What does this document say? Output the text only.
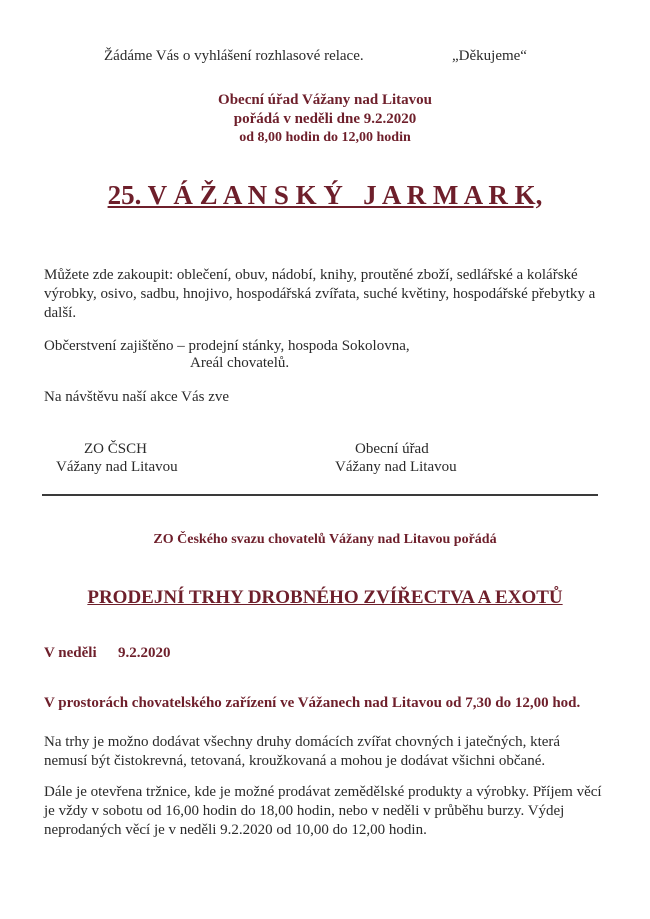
Žádáme Vás o vyhlášení rozhlasové relace.	„Děkujeme“
Obecní úřad Vážany nad Litavou
pořádá v neděli dne 9.2.2020
od 8,00 hodin do 12,00 hodin
25. V Á Ž A N S K Ý   J A R M A R K,
Můžete zde zakoupit: oblečení, obuv, nádobí, knihy, proutěné zboží, sedlářské a kolářské výrobky, osivo, sadbu, hnojivo, hospodářská zvířata, suché květiny, hospodářské přebytky a další.
Občerstvení zajištěno – prodejní stánky, hospoda Sokolovna,
Areál chovatelů.
Na návštěvu naší akce Vás zve
ZO ČSCH
Vážany nad Litavou
Obecní úřad
Vážany nad Litavou
ZO Českého svazu chovatelů Vážany nad Litavou pořádá
PRODEJNÍ TRHY DROBNÉHO ZVÍŘECTVA A EXOTŮ
V neděli 9.2.2020
V prostorách chovatelského zařízení ve Vážanech nad Litavou od 7,30 do 12,00 hod.
Na trhy je možno dodávat všechny druhy domácích zvířat chovných i jatečných, která nemusí být čistokrevná, tetovaná, kroužkovaná a mohou je dodávat všichni občané.
Dále je otevřena tržnice, kde je možné prodávat zemědělské produkty a výrobky. Příjem věcí je vždy v sobotu od 16,00 hodin do 18,00 hodin, nebo v neděli v průběhu burzy. Výdej neprodaných věcí je v neděli 9.2.2020 od 10,00 do 12,00 hodin.
